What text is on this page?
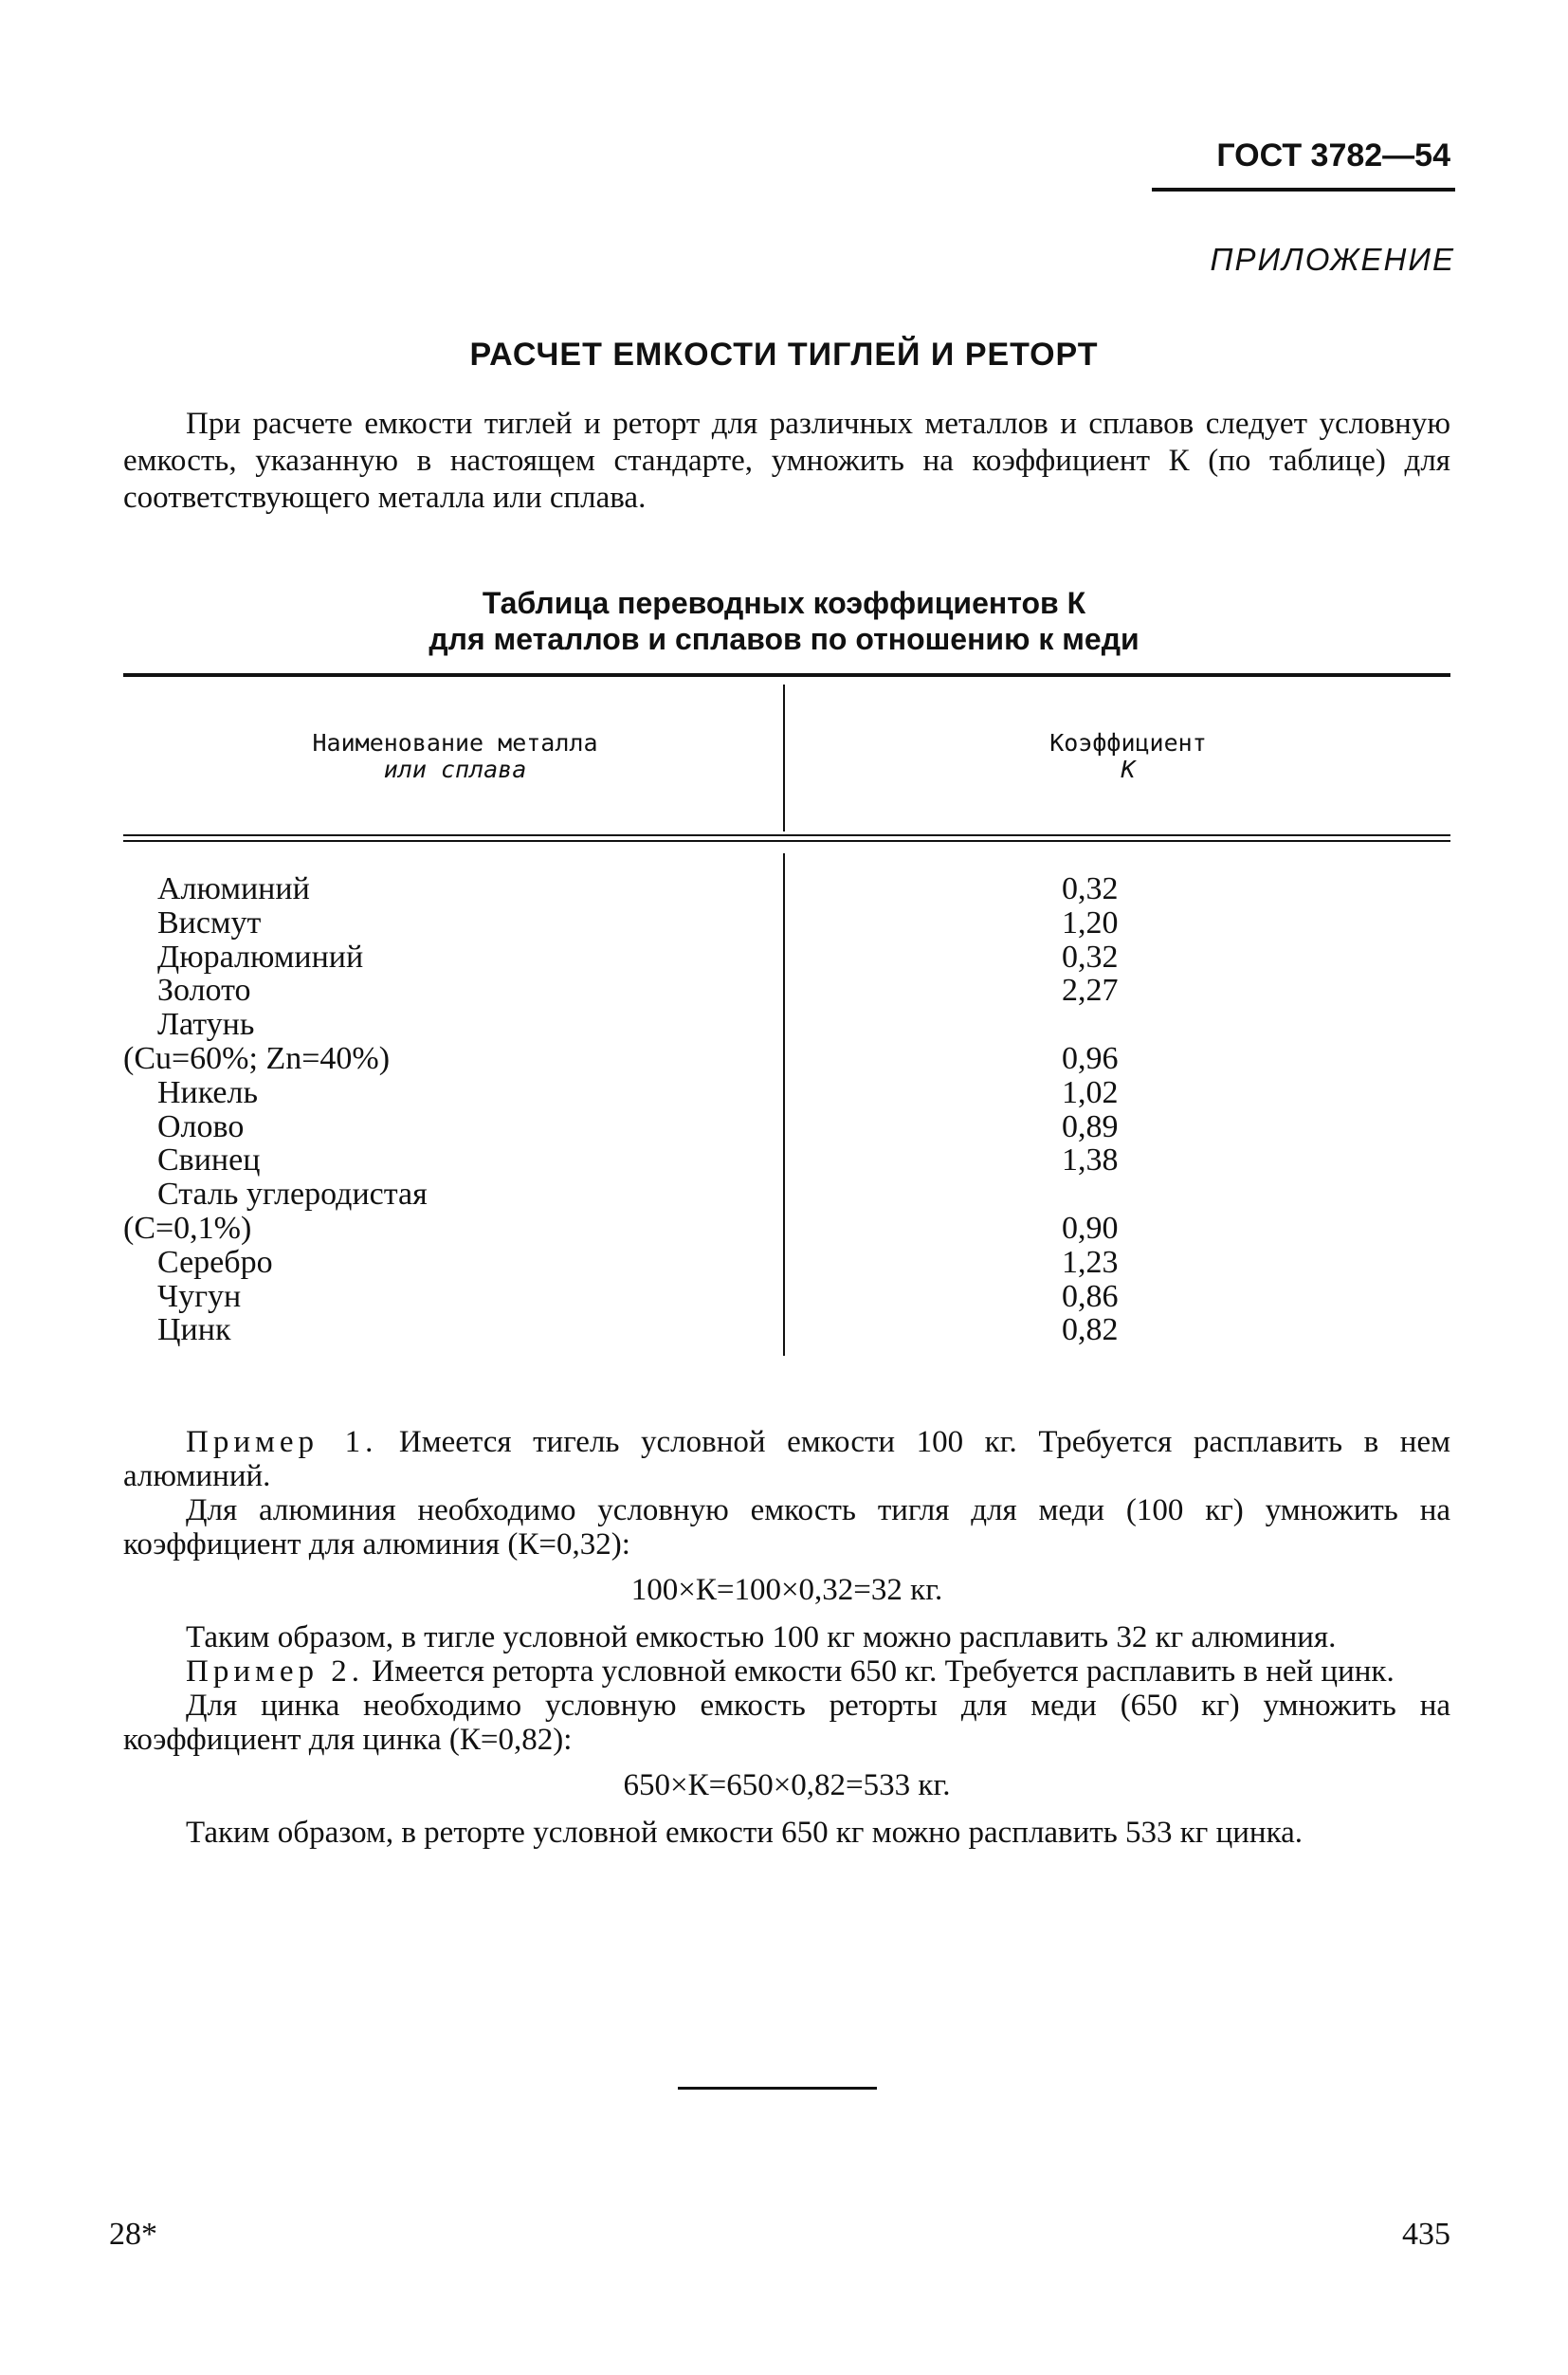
ГОСТ 3782—54
ПРИЛОЖЕНИЕ
РАСЧЕТ ЕМКОСТИ ТИГЛЕЙ И РЕТОРТ

При расчете емкости тиглей и реторт для различных металлов и сплавов следует условную емкость, указанную в настоящем стандарте, умножить на коэффициент К (по таблице) для соответствующего металла или сплава.

Таблица переводных коэффициентов К
для металлов и сплавов по отношению к меди
Наименование металла
или сплава
Коэффициент
К
Алюминий
Висмут
Дюралюминий
Золото
Латунь
(Cu=60%; Zn=40%)
Никель
Олово
Свинец
Сталь углеродистая
(С=0,1%)
Серебро
Чугун
Цинк
0,32
1,20
0,32
2,27
0,96
1,02
0,89
1,38
0,90
1,23
0,86
0,82

Пример 1. Имеется тигель условной емкости 100 кг. Требуется расплавить в нем алюминий.

Для алюминия необходимо условную емкость тигля для меди (100 кг) умножить на коэффициент для алюминия (К=0,32):

100×К=100×0,32=32 кг.

Таким образом, в тигле условной емкостью 100 кг можно расплавить 32 кг алюминия.

Пример 2. Имеется реторта условной емкости 650 кг. Требуется расплавить в ней цинк.

Для цинка необходимо условную емкость реторты для меди (650 кг) умножить на коэффициент для цинка (К=0,82):

650×К=650×0,82=533 кг.

Таким образом, в реторте условной емкости 650 кг можно расплавить 533 кг цинка.

28*	435
